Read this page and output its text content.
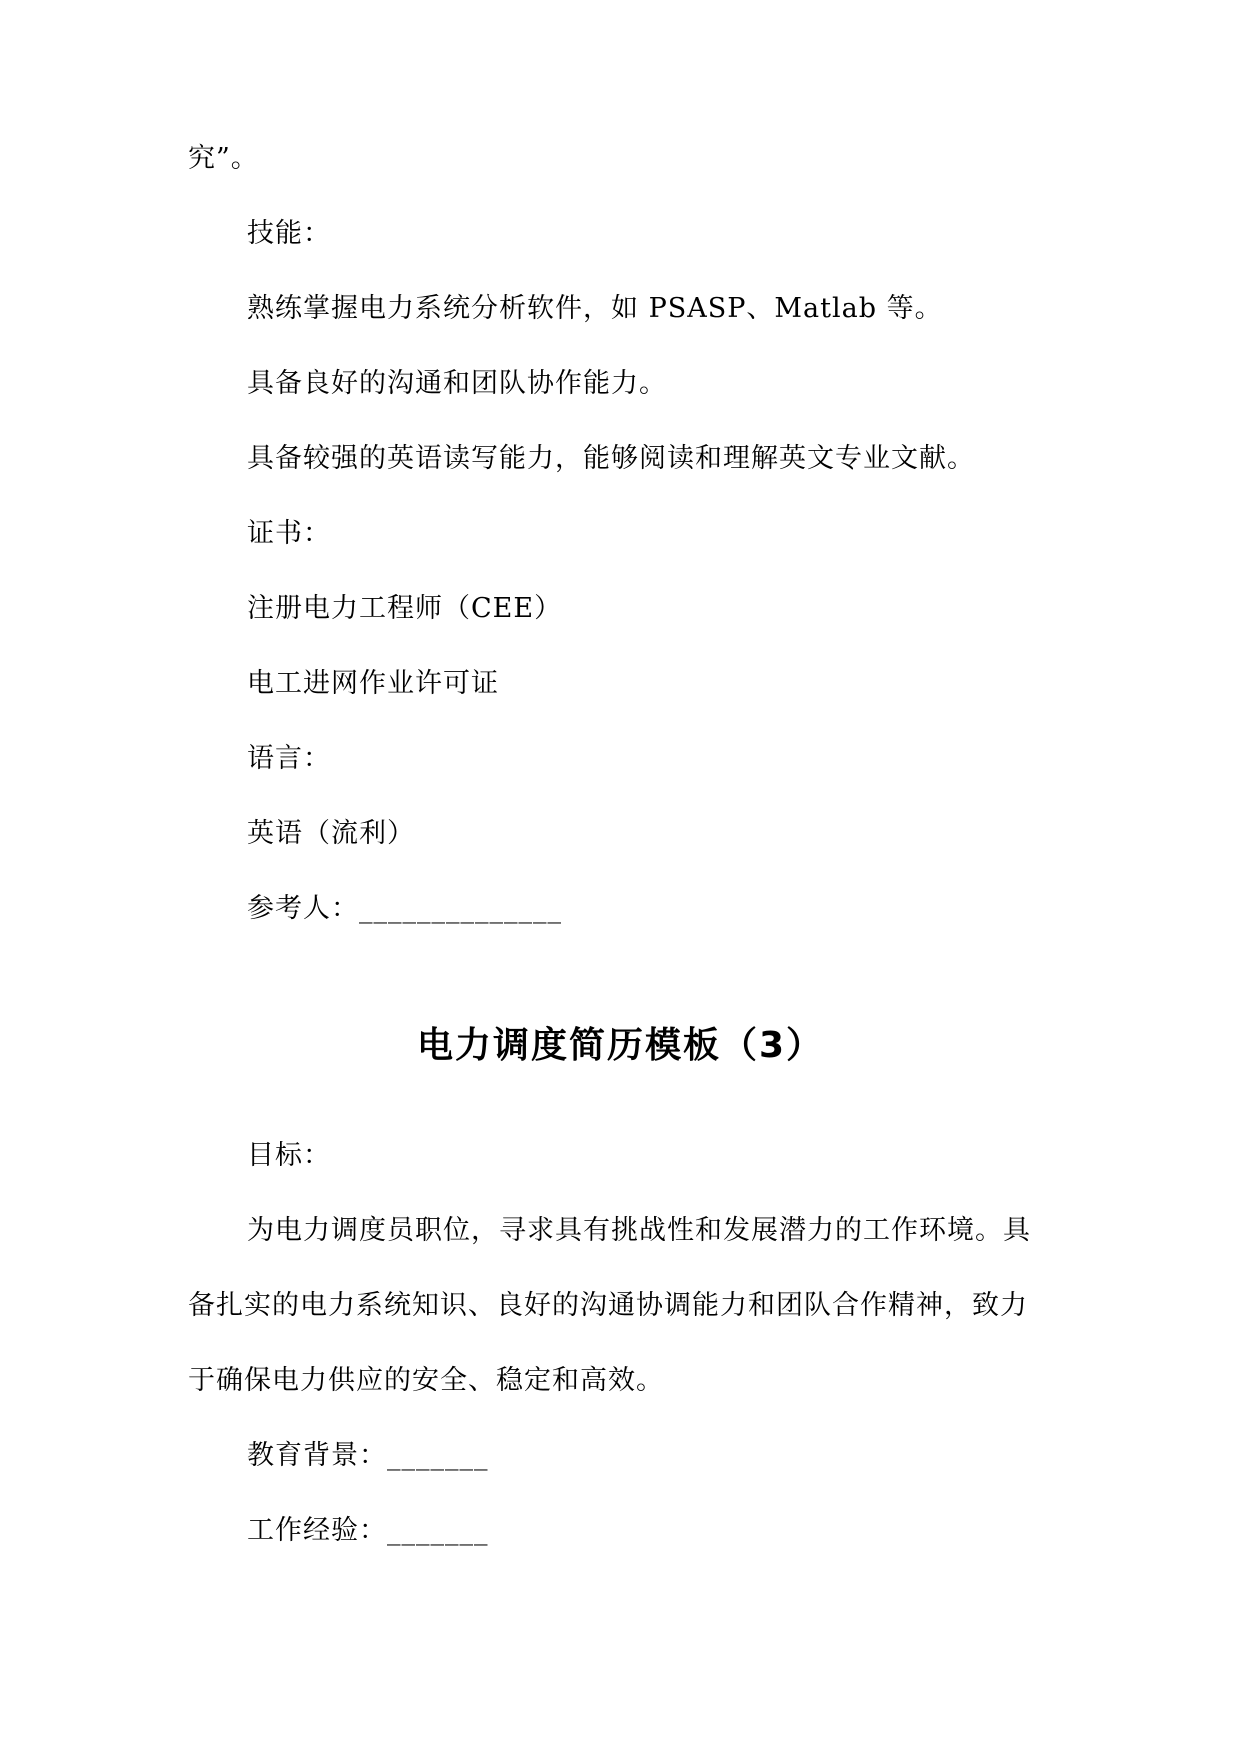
究”。
技能：
熟练掌握电力系统分析软件，如 PSASP、Matlab 等。
具备良好的沟通和团队协作能力。
具备较强的英语读写能力，能够阅读和理解英文专业文献。
证书：
注册电力工程师（CEE）
电工进网作业许可证
语言：
英语（流利）
参考人：______________
电力调度简历模板（3）
目标：
为电力调度员职位，寻求具有挑战性和发展潜力的工作环境。具
备扎实的电力系统知识、良好的沟通协调能力和团队合作精神，致力
于确保电力供应的安全、稳定和高效。
教育背景：_______
工作经验：_______
